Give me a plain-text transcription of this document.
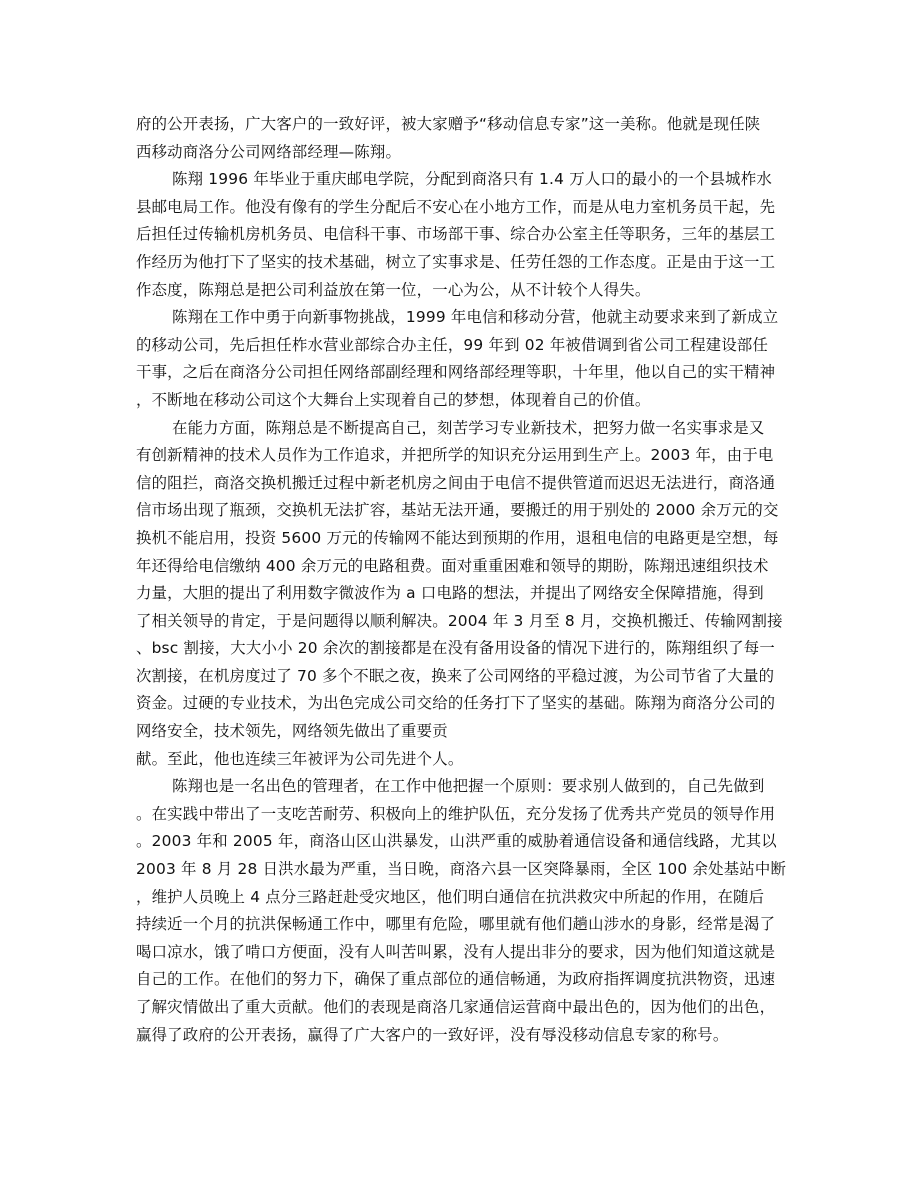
府的公开表扬，广大客户的一致好评，被大家赠予“移动信息专家”这一美称。他就是现任陕
西移动商洛分公司网络部经理—陈翔。
陈翔 1996 年毕业于重庆邮电学院，分配到商洛只有 1.4 万人口的最小的一个县城柞水
县邮电局工作。他没有像有的学生分配后不安心在小地方工作，而是从电力室机务员干起，先
后担任过传输机房机务员、电信科干事、市场部干事、综合办公室主任等职务，三年的基层工
作经历为他打下了坚实的技术基础，树立了实事求是、任劳任怨的工作态度。正是由于这一工
作态度，陈翔总是把公司利益放在第一位，一心为公，从不计较个人得失。
陈翔在工作中勇于向新事物挑战，1999 年电信和移动分营，他就主动要求来到了新成立
的移动公司，先后担任柞水营业部综合办主任，99 年到 02 年被借调到省公司工程建设部任
干事，之后在商洛分公司担任网络部副经理和网络部经理等职，十年里，他以自己的实干精神
，不断地在移动公司这个大舞台上实现着自己的梦想，体现着自己的价值。
在能力方面，陈翔总是不断提高自己，刻苦学习专业新技术，把努力做一名实事求是又
有创新精神的技术人员作为工作追求，并把所学的知识充分运用到生产上。2003 年，由于电
信的阻拦，商洛交换机搬迁过程中新老机房之间由于电信不提供管道而迟迟无法进行，商洛通
信市场出现了瓶颈，交换机无法扩容，基站无法开通，要搬迁的用于别处的 2000 余万元的交
换机不能启用，投资 5600 万元的传输网不能达到预期的作用，退租电信的电路更是空想，每
年还得给电信缴纳 400 余万元的电路租费。面对重重困难和领导的期盼，陈翔迅速组织技术
力量，大胆的提出了利用数字微波作为 a 口电路的想法，并提出了网络安全保障措施，得到
了相关领导的肯定，于是问题得以顺利解决。2004 年 3 月至 8 月，交换机搬迁、传输网割接
、bsc 割接，大大小小 20 余次的割接都是在没有备用设备的情况下进行的，陈翔组织了每一
次割接，在机房度过了 70 多个不眠之夜，换来了公司网络的平稳过渡，为公司节省了大量的
资金。过硬的专业技术，为出色完成公司交给的任务打下了坚实的基础。陈翔为商洛分公司的
网络安全，技术领先，网络领先做出了重要贡
献。至此，他也连续三年被评为公司先进个人。
陈翔也是一名出色的管理者，在工作中他把握一个原则：要求别人做到的，自己先做到
。在实践中带出了一支吃苦耐劳、积极向上的维护队伍，充分发扬了优秀共产党员的领导作用
。2003 年和 2005 年，商洛山区山洪暴发，山洪严重的威胁着通信设备和通信线路，尤其以
2003 年 8 月 28 日洪水最为严重，当日晚，商洛六县一区突降暴雨，全区 100 余处基站中断
，维护人员晚上 4 点分三路赶赴受灾地区，他们明白通信在抗洪救灾中所起的作用，在随后
持续近一个月的抗洪保畅通工作中，哪里有危险，哪里就有他们趟山涉水的身影，经常是渴了
喝口凉水，饿了啃口方便面，没有人叫苦叫累，没有人提出非分的要求，因为他们知道这就是
自己的工作。在他们的努力下，确保了重点部位的通信畅通，为政府指挥调度抗洪物资，迅速
了解灾情做出了重大贡献。他们的表现是商洛几家通信运营商中最出色的，因为他们的出色，
赢得了政府的公开表扬，赢得了广大客户的一致好评，没有辱没移动信息专家的称号。
